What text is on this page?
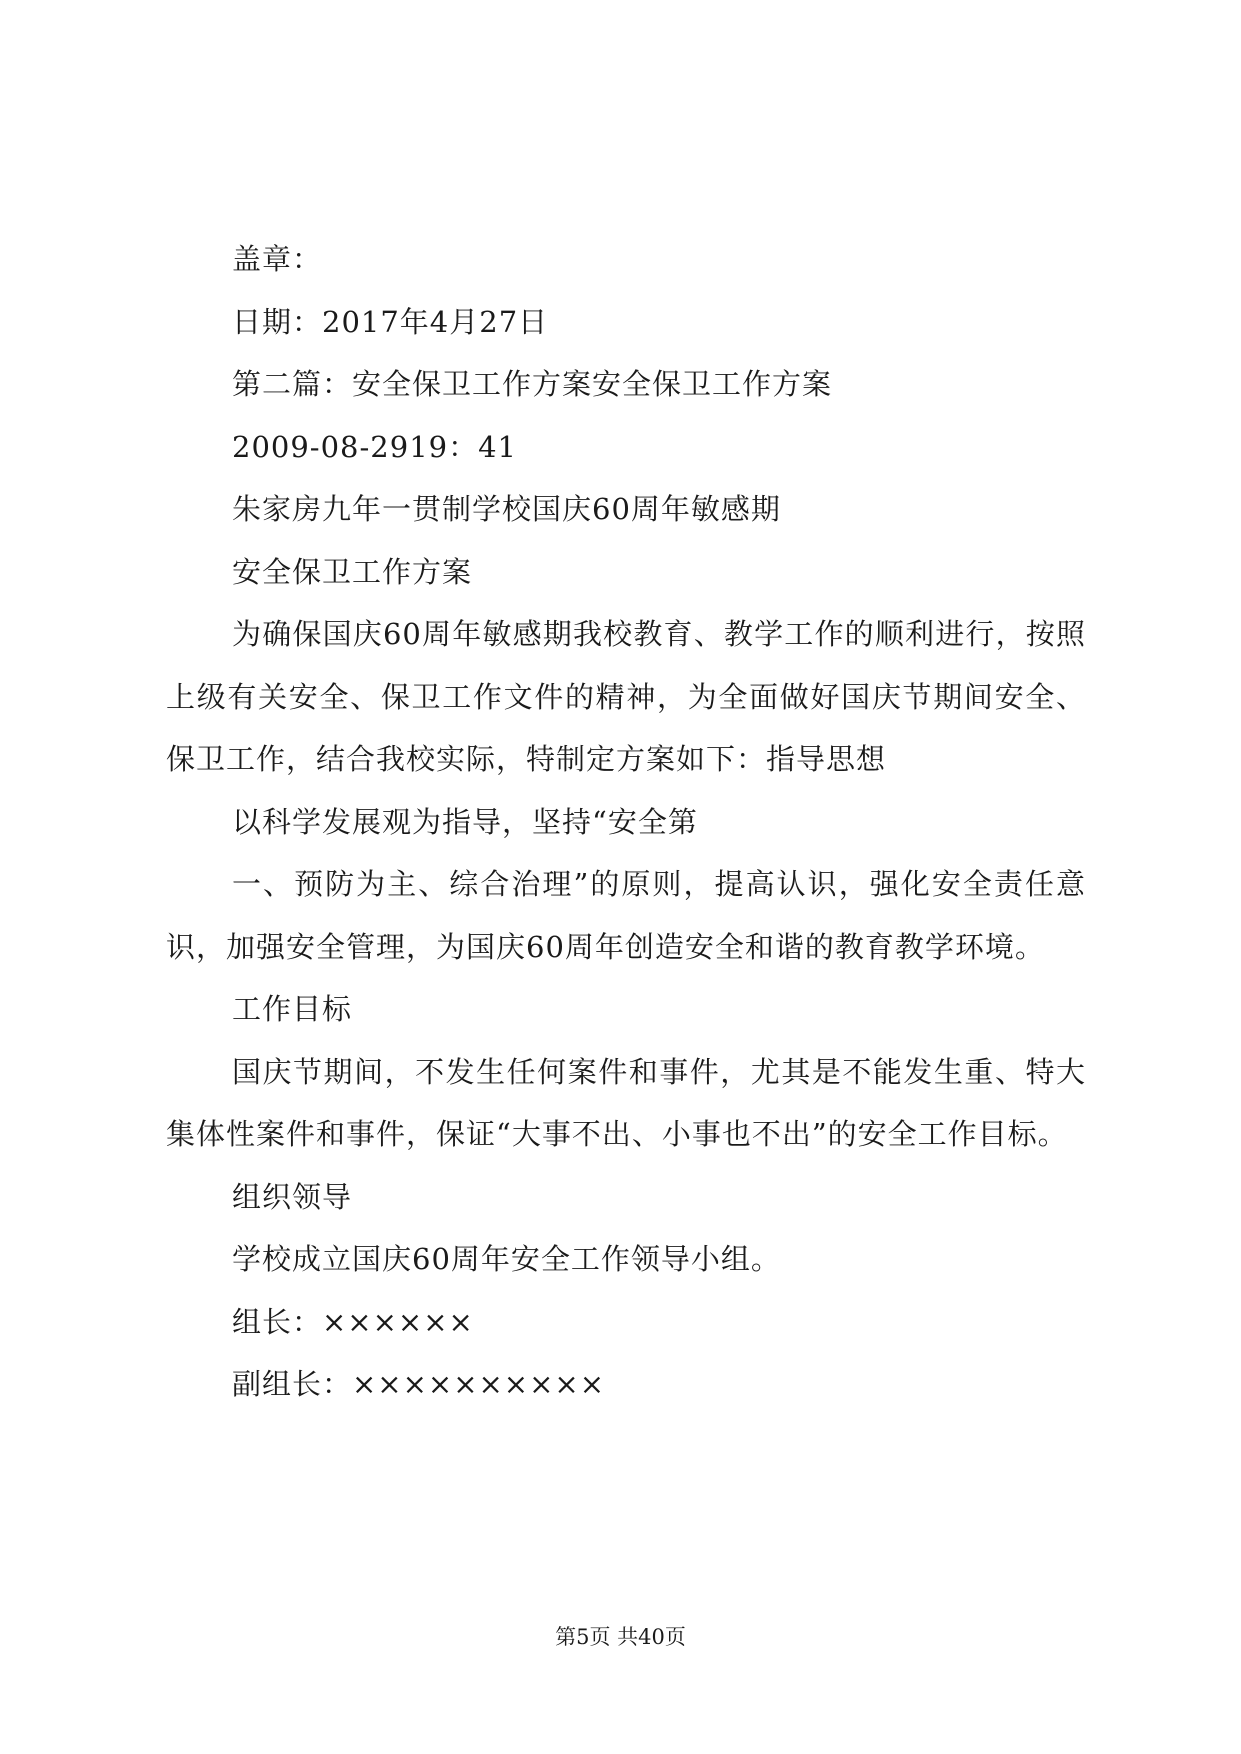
盖章：
日期：2017年4月27日
第二篇：安全保卫工作方案安全保卫工作方案
2009-08-2919：41
朱家房九年一贯制学校国庆60周年敏感期
安全保卫工作方案
为确保国庆60周年敏感期我校教育、教学工作的顺利进行，按照上级有关安全、保卫工作文件的精神，为全面做好国庆节期间安全、保卫工作，结合我校实际，特制定方案如下：指导思想
以科学发展观为指导，坚持“安全第
一、预防为主、综合治理”的原则，提高认识，强化安全责任意识，加强安全管理，为国庆60周年创造安全和谐的教育教学环境。
工作目标
国庆节期间，不发生任何案件和事件，尤其是不能发生重、特大集体性案件和事件，保证“大事不出、小事也不出”的安全工作目标。
组织领导
学校成立国庆60周年安全工作领导小组。
组长：××××××
副组长：××××××××××
第5页 共40页
